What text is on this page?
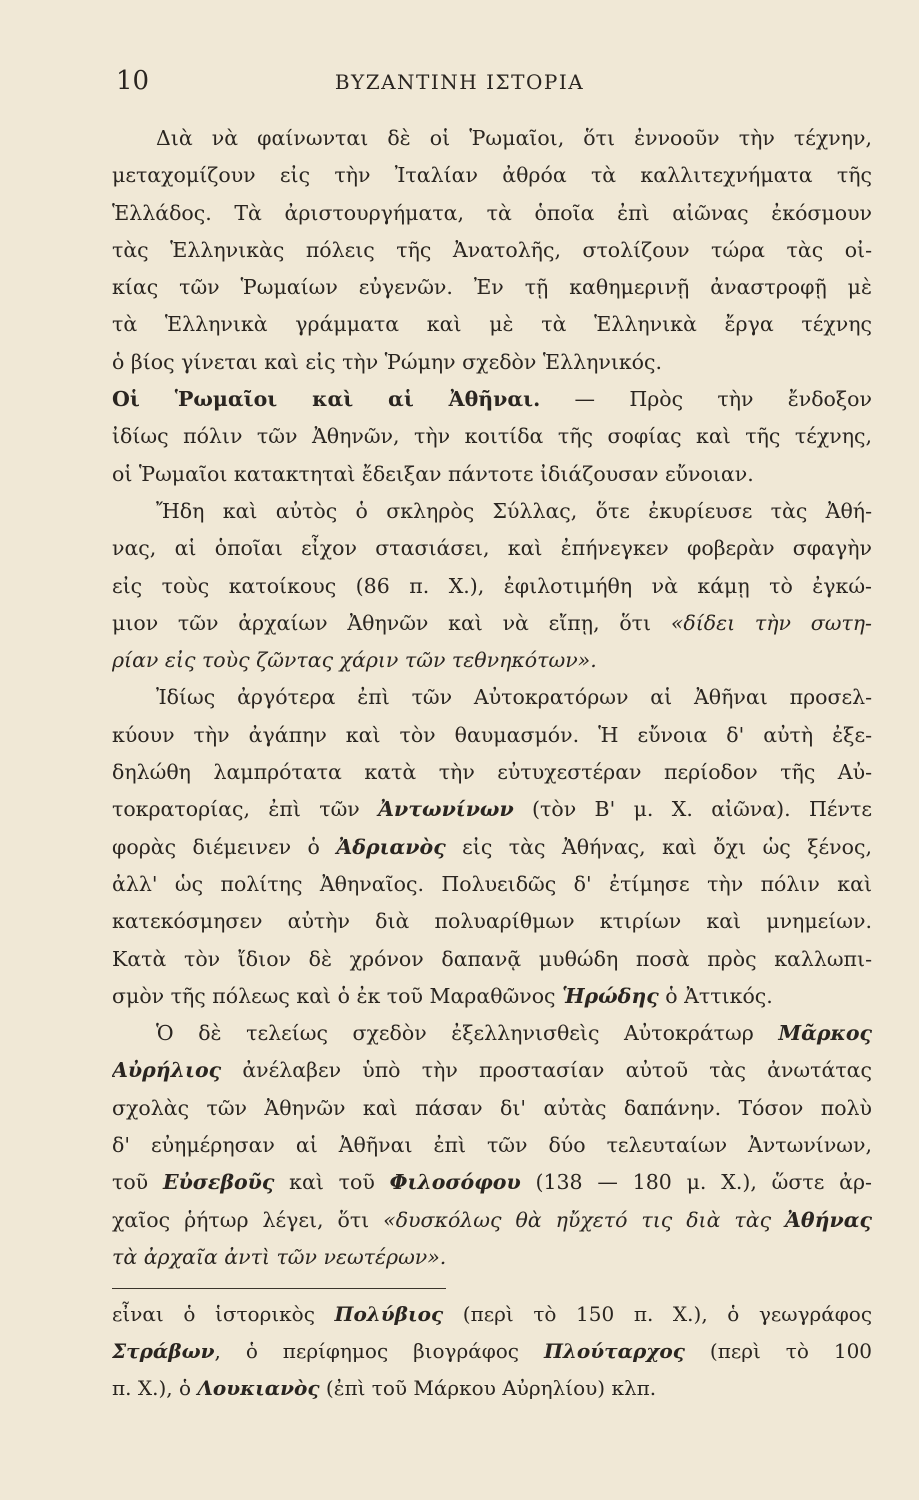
10	ΒΥΖΑΝΤΙΝΗ ΙΣΤΟΡΙΑ
Διὰ νὰ φαίνωνται δὲ οἱ Ῥωμαῖοι, ὅτι ἐννοοῦν τὴν τέχνην,
μεταχομίζουν εἰς τὴν Ἰταλίαν ἀθρόα τὰ καλλιτεχνήματα τῆς
Ἑλλάδος. Τὰ ἀριστουργήματα, τὰ ὁποῖα ἐπὶ αἰῶνας ἐκόσμουν
τὰς Ἑλληνικὰς πόλεις τῆς Ἀνατολῆς, στολίζουν τώρα τὰς οἰ-
κίας τῶν Ῥωμαίων εὐγενῶν. Ἐν τῇ καθημερινῇ ἀναστροφῇ μὲ
τὰ Ἑλληνικὰ γράμματα καὶ μὲ τὰ Ἑλληνικὰ ἔργα τέχνης
ὁ βίος γίνεται καὶ εἰς τὴν Ῥώμην σχεδὸν Ἑλληνικός.
Οἱ Ῥωμαῖοι καὶ αἱ Ἀθῆναι. — Πρὸς τὴν ἔνδοξον
ἰδίως πόλιν τῶν Ἀθηνῶν, τὴν κοιτίδα τῆς σοφίας καὶ τῆς τέχνης,
οἱ Ῥωμαῖοι κατακτηταὶ ἔδειξαν πάντοτε ἰδιάζουσαν εὔνοιαν.
Ἤδη καὶ αὐτὸς ὁ σκληρὸς Σύλλας, ὅτε ἐκυρίευσε τὰς Ἀθή-
νας, αἱ ὁποῖαι εἶχον στασιάσει, καὶ ἐπήνεγκεν φοβερὰν σφαγὴν
εἰς τοὺς κατοίκους (86 π. Χ.), ἐφιλοτιμήθη νὰ κάμῃ τὸ ἐγκώ-
μιον τῶν ἀρχαίων Ἀθηνῶν καὶ νὰ εἴπῃ, ὅτι «δίδει τὴν σωτη-
ρίαν εἰς τοὺς ζῶντας χάριν τῶν τεθνηκότων».
Ἰδίως ἀργότερα ἐπὶ τῶν Αὐτοκρατόρων αἱ Ἀθῆναι προσελ-
κύουν τὴν ἀγάπην καὶ τὸν θαυμασμόν. Ἡ εὔνοια δ' αὐτὴ ἐξε-
δηλώθη λαμπρότατα κατὰ τὴν εὐτυχεστέραν περίοδον τῆς Αὐ-
τοκρατορίας, ἐπὶ τῶν Ἀντωνίνων (τὸν Β' μ. Χ. αἰῶνα). Πέντε
φορὰς διέμεινεν ὁ Ἀδριανὸς εἰς τὰς Ἀθήνας, καὶ ὄχι ὡς ξένος,
ἀλλ' ὡς πολίτης Ἀθηναῖος. Πολυειδῶς δ' ἐτίμησε τὴν πόλιν καὶ
κατεκόσμησεν αὐτὴν διὰ πολυαρίθμων κτιρίων καὶ μνημείων.
Κατὰ τὸν ἴδιον δὲ χρόνον δαπανᾷ μυθώδη ποσὰ πρὸς καλλωπι-
σμὸν τῆς πόλεως καὶ ὁ ἐκ τοῦ Μαραθῶνος Ἡρώδης ὁ Ἀττικός.
Ὁ δὲ τελείως σχεδὸν ἐξελληνισθεὶς Αὐτοκράτωρ Μᾶρκος
Αὐρήλιος ἀνέλαβεν ὑπὸ τὴν προστασίαν αὐτοῦ τὰς ἀνωτάτας
σχολὰς τῶν Ἀθηνῶν καὶ πάσαν δι' αὐτὰς δαπάνην. Τόσον πολὺ
δ' εὐημέρησαν αἱ Ἀθῆναι ἐπὶ τῶν δύο τελευταίων Ἀντωνίνων,
τοῦ Εὐσεβοῦς καὶ τοῦ Φιλοσόφου (138 — 180 μ. Χ.), ὥστε ἀρ-
χαῖος ῥήτωρ λέγει, ὅτι «δυσκόλως θὰ ηὔχετό τις διὰ τὰς Ἀθήνας
τὰ ἀρχαῖα ἀντὶ τῶν νεωτέρων».
εἶναι ὁ ἱστορικὸς Πολύβιος (περὶ τὸ 150 π. Χ.), ὁ γεωγράφος
Στράβων, ὁ περίφημος βιογράφος Πλούταρχος (περὶ τὸ 100
π. Χ.), ὁ Λουκιανὸς (ἐπὶ τοῦ Μάρκου Αὐρηλίου) κλπ.
